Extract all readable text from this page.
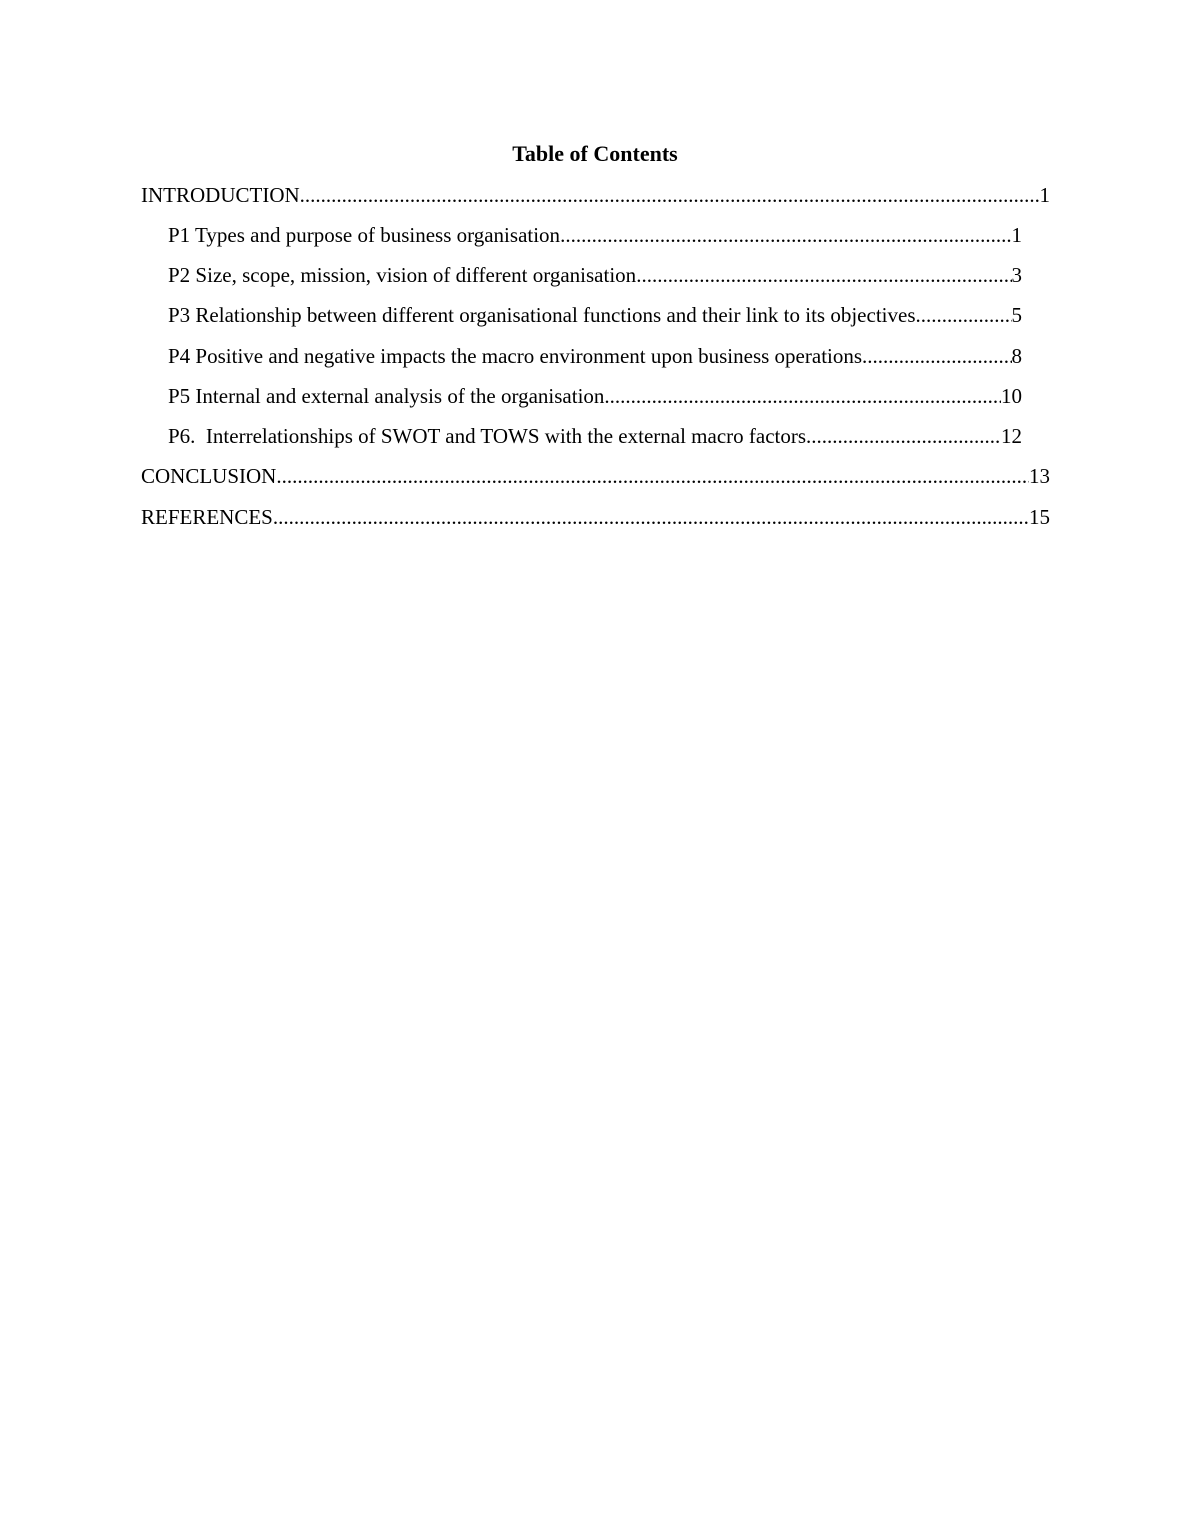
Table of Contents
INTRODUCTION .....	1
P1 Types and purpose of business organisation .....	1
P2 Size, scope, mission, vision of different organisation .....	3
P3 Relationship between different organisational functions and their link to its objectives .....	5
P4 Positive and negative impacts the macro environment upon business operations .....	8
P5 Internal and external analysis of the organisation .....	10
P6.  Interrelationships of SWOT and TOWS with the external macro factors .....	12
CONCLUSION .....	13
REFERENCES .....	15
